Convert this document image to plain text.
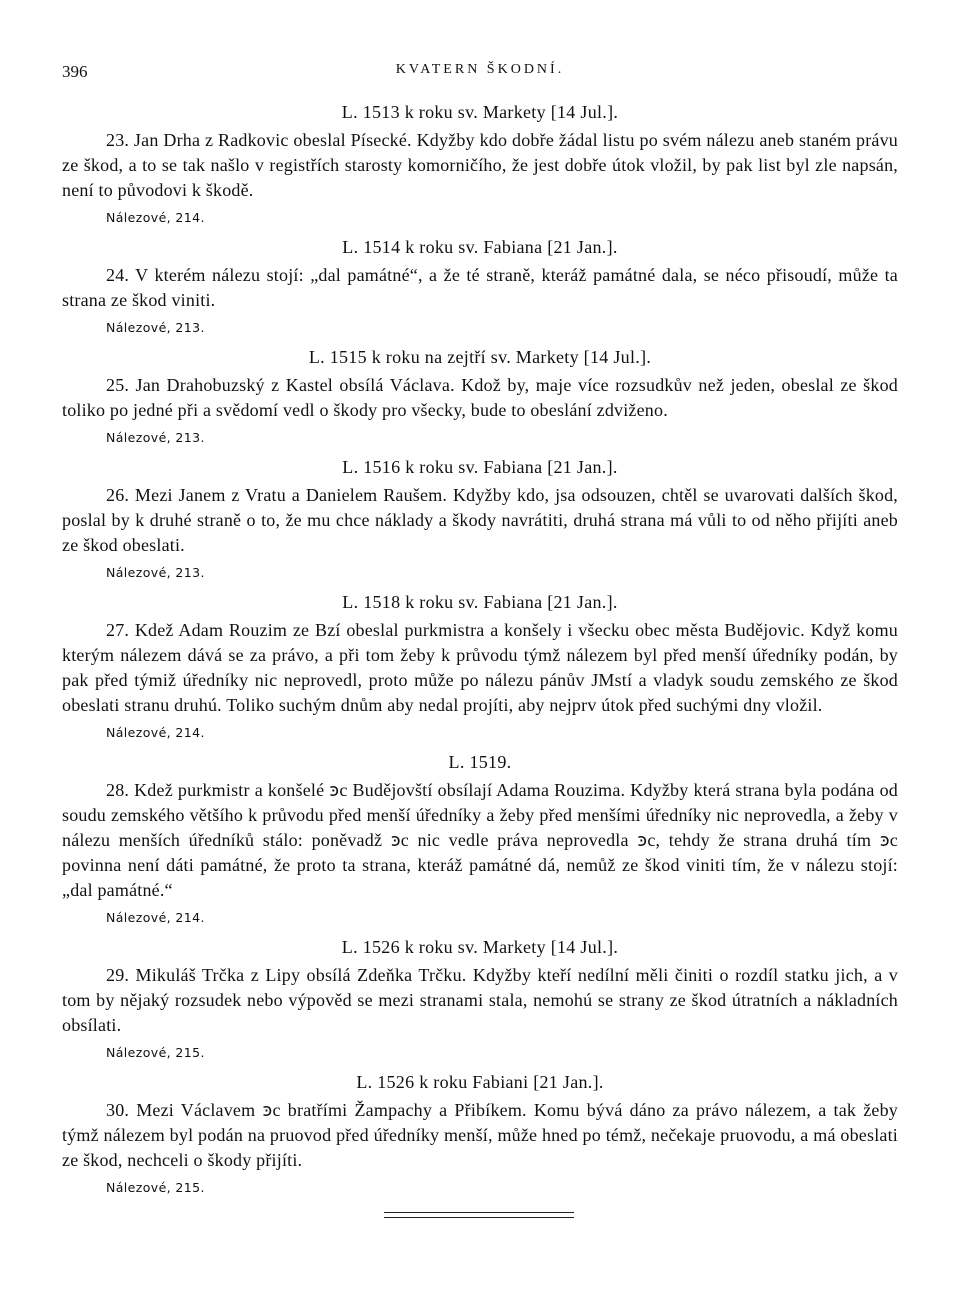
396	KVATERN ŠKODNÍ.
L. 1513 k roku sv. Markety [14 Jul.].

23. Jan Drha z Radkovic obeslal Písecké. Kdyžby kdo dobře žádal listu po svém nálezu aneb staném právu ze škod, a to se tak našlo v registřích starosty komorničího, že jest dobře útok vložil, by pak list byl zle napsán, není to původovi k škodě.

Nálezové, 214.
L. 1514 k roku sv. Fabiana [21 Jan.].

24. V kterém nálezu stojí: „dal památné“, a že té straně, kteráž památné dala, se néco přisoudí, může ta strana ze škod viniti.

Nálezové, 213.
L. 1515 k roku na zejtří sv. Markety [14 Jul.].

25. Jan Drahobuzský z Kastel obsílá Václava. Kdož by, maje více rozsudkův než jeden, obeslal ze škod toliko po jedné při a svědomí vedl o škody pro všecky, bude to obeslání zdviženo.

Nálezové, 213.
L. 1516 k roku sv. Fabiana [21 Jan.].

26. Mezi Janem z Vratu a Danielem Raušem. Kdyžby kdo, jsa odsouzen, chtěl se uvarovati dalších škod, poslal by k druhé straně o to, že mu chce náklady a škody navrátiti, druhá strana má vůli to od něho přijíti aneb ze škod obeslati.

Nálezové, 213.
L. 1518 k roku sv. Fabiana [21 Jan.].

27. Kdež Adam Rouzim ze Bzí obeslal purkmistra a konšely i všecku obec města Budějovic. Když komu kterým nálezem dává se za právo, a při tom žeby k průvodu týmž nálezem byl před menší úředníky podán, by pak před týmiž úředníky nic neprovedl, proto může po nálezu pánův JMstí a vladyk soudu zemského ze škod obeslati stranu druhú. Toliko suchým dnům aby nedal projíti, aby nejprv útok před suchými dny vložil.

Nálezové, 214.
L. 1519.

28. Kdež purkmistr a konšelé ꜿc Budějovští obsílají Adama Rouzima. Kdyžby která strana byla podána od soudu zemského většího k průvodu před menší úředníky a žeby před menšími úředníky nic neprovedla, a žeby v nálezu menších úředníků stálo: poněvadž ꜿc nic vedle práva neprovedla ꜿc, tehdy že strana druhá tím ꜿc povinna není dáti památné, že proto ta strana, kteráž památné dá, nemůž ze škod viniti tím, že v nálezu stojí: „dal památné.“

Nálezové, 214.
L. 1526 k roku sv. Markety [14 Jul.].

29. Mikuláš Trčka z Lipy obsílá Zdeňka Trčku. Kdyžby kteří nedílní měli činiti o rozdíl statku jich, a v tom by nějaký rozsudek nebo výpověd se mezi stranami stala, nemohú se strany ze škod útratních a nákladních obsílati.

Nálezové, 215.
L. 1526 k roku Fabiani [21 Jan.].

30. Mezi Václavem ꜿc bratřími Žampachy a Přibíkem. Komu bývá dáno za právo nálezem, a tak žeby týmž nálezem byl podán na pruovod před úředníky menší, může hned po témž, nečekaje pruovodu, a má obeslati ze škod, nechceli o škody přijíti.

Nálezové, 215.
